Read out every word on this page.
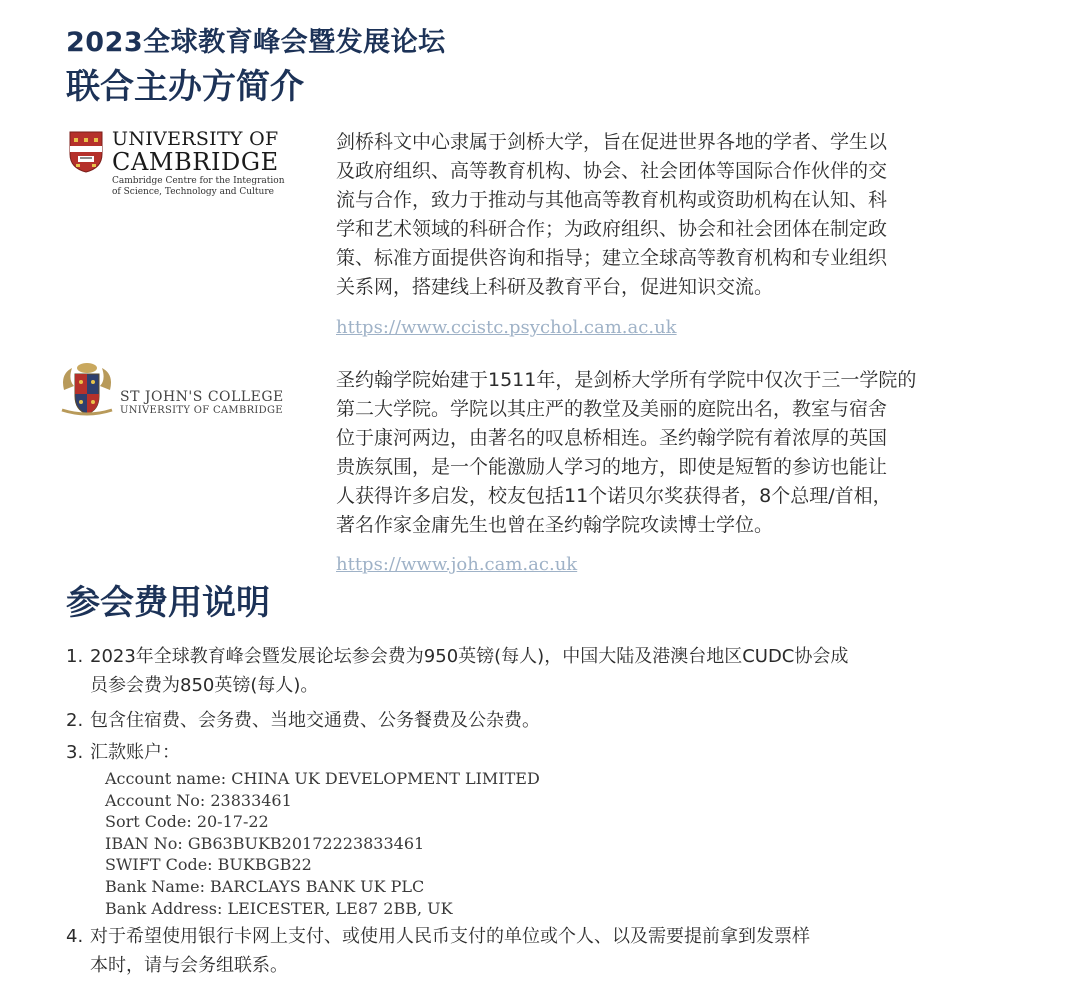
2023全球教育峰会暨发展论坛
联合主办方简介
UNIVERSITY OF
CAMBRIDGE
Cambridge Centre for the Integration
of Science, Technology and Culture
剑桥科文中心隶属于剑桥大学，旨在促进世界各地的学者、学生以
及政府组织、高等教育机构、协会、社会团体等国际合作伙伴的交
流与合作，致力于推动与其他高等教育机构或资助机构在认知、科
学和艺术领域的科研合作；为政府组织、协会和社会团体在制定政
策、标准方面提供咨询和指导；建立全球高等教育机构和专业组织
关系网，搭建线上科研及教育平台，促进知识交流。
https://www.ccistc.psychol.cam.ac.uk
ST JOHN'S COLLEGE
UNIVERSITY OF CAMBRIDGE
圣约翰学院始建于1511年，是剑桥大学所有学院中仅次于三一学院的
第二大学院。学院以其庄严的教堂及美丽的庭院出名，教室与宿舍
位于康河两边，由著名的叹息桥相连。圣约翰学院有着浓厚的英国
贵族氛围，是一个能激励人学习的地方，即使是短暂的参访也能让
人获得许多启发，校友包括11个诺贝尔奖获得者，8个总理/首相，
著名作家金庸先生也曾在圣约翰学院攻读博士学位。
https://www.joh.cam.ac.uk
参会费用说明
1. 2023年全球教育峰会暨发展论坛参会费为950英镑(每人)，中国大陆及港澳台地区CUDC协会成
员参会费为850英镑(每人)。
2. 包含住宿费、会务费、当地交通费、公务餐费及公杂费。
3. 汇款账户：
4. 对于希望使用银行卡网上支付、或使用人民币支付的单位或个人、以及需要提前拿到发票样
本时，请与会务组联系。
Account name: CHINA UK DEVELOPMENT LIMITED
Account No: 23833461
Sort Code: 20-17-22
IBAN No: GB63BUKB20172223833461
SWIFT Code: BUKBGB22
Bank Name: BARCLAYS BANK UK PLC
Bank Address: LEICESTER, LE87 2BB, UK
